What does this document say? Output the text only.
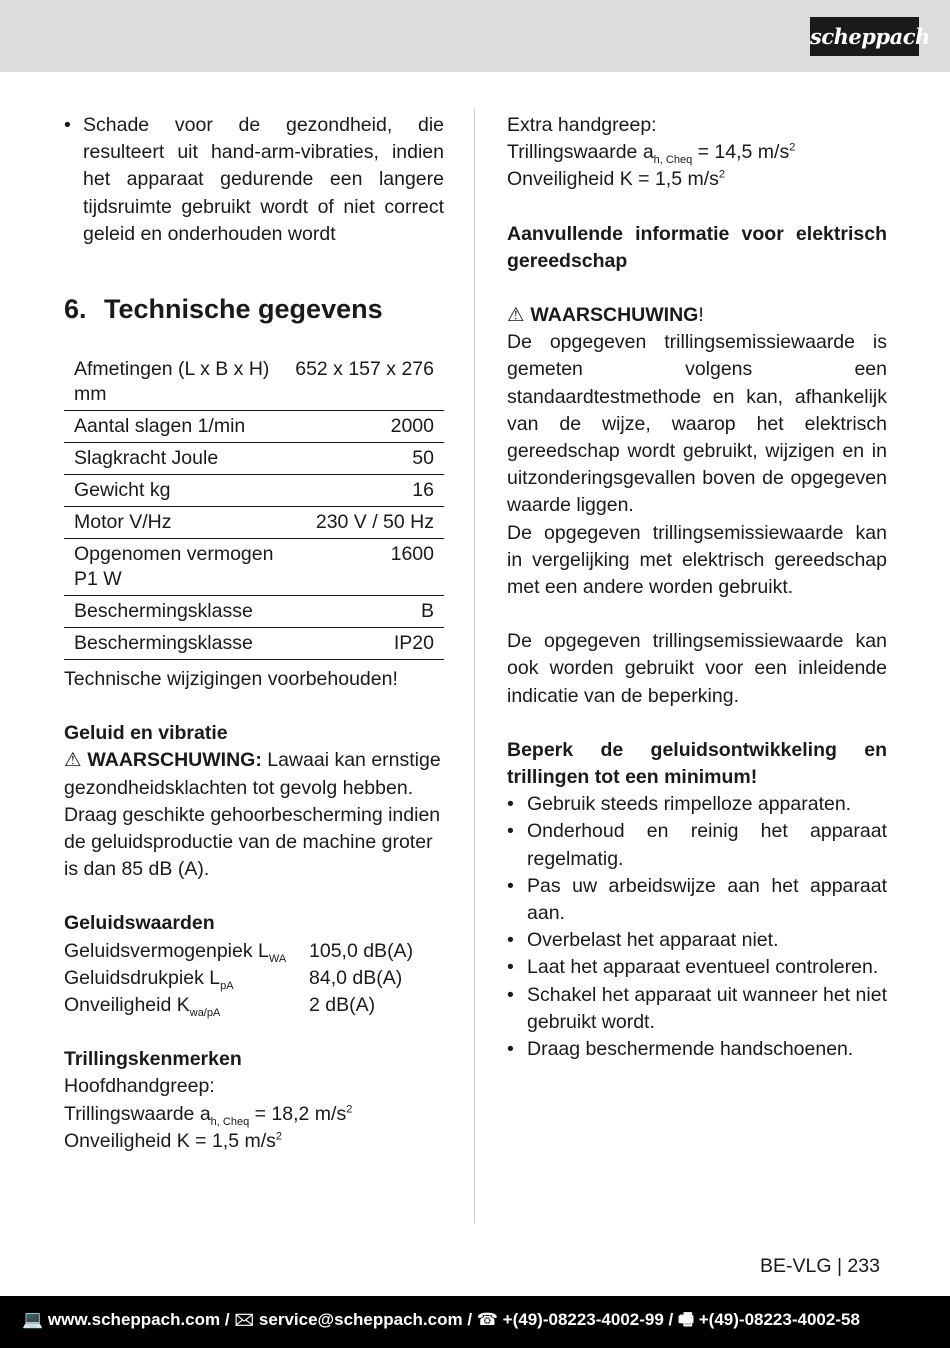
scheppach

• Schade voor de gezondheid, die resulteert uit hand-arm-vibraties, indien het apparaat gedurende een langere tijdsruimte gebruikt wordt of niet correct geleid en onderhouden wordt

6. Technische gegevens
Afmetingen (L x B x H) mm	652 x 157 x 276
Aantal slagen 1/min	2000
Slagkracht Joule	50
Gewicht kg	16
Motor V/Hz	230 V / 50 Hz
Opgenomen vermogen P1 W	1600
Beschermingsklasse	B
Beschermingsklasse	IP20

Technische wijzigingen voorbehouden!

Geluid en vibratie

⚠ WAARSCHUWING: Lawaai kan ernstige gezondheidsklachten tot gevolg hebben.

Draag geschikte gehoorbescherming indien de geluidsproductie van de machine groter is dan 85 dB (A).

Geluidswaarden

Geluidsvermogenpiek $L_{WA}$ 105,0 dB(A)

Geluidsdrukpiek $L_{pA}$	84,0 dB(A)

Onveiligheid $K_{wa/pA}$	2 dB(A)

Trillingskenmerken

Hoofdhandgreep:

Trillingswaarde $a_{h, Cheq} = 18,2$ $m/s^2$

Onveiligheid K = 1,5 $m/s^2$

Extra handgreep:

Trillingswaarde $a_{h, Cheq} = 14,5$ $m/s^2$

Onveiligheid K = 1,5 $m/s^2$

Aanvullende informatie voor elektrisch gereedschap

⚠ WAARSCHUWING!

De opgegeven trillingsemissiewaarde is gemeten volgens een standaardtestmethode en kan, afhankelijk van de wijze, waarop het elektrisch gereedschap wordt gebruikt, wijzigen en in uitzonderingsgevallen boven de opgegeven waarde liggen.

De opgegeven trillingsemissiewaarde kan in vergelijking met elektrisch gereedschap met een andere worden gebruikt.

De opgegeven trillingsemissiewaarde kan ook worden gebruikt voor een inleidende indicatie van de beperking.

Beperk de geluidsontwikkeling en trillingen tot een minimum!

• Gebruik steeds rimpelloze apparaten.

• Onderhoud en reinig het apparaat regelmatig.

• Pas uw arbeidswijze aan het apparaat aan.

• Overbelast het apparaat niet.

• Laat het apparaat eventueel controleren.

• Schakel het apparaat uit wanneer het niet gebruikt wordt.

• Draag beschermende handschoenen.

BE-VLG | 233
💻 www.scheppach.com / 🖂 service@scheppach.com / ☎ +(49)-08223-4002-99 / 🖷 +(49)-08223-4002-58
